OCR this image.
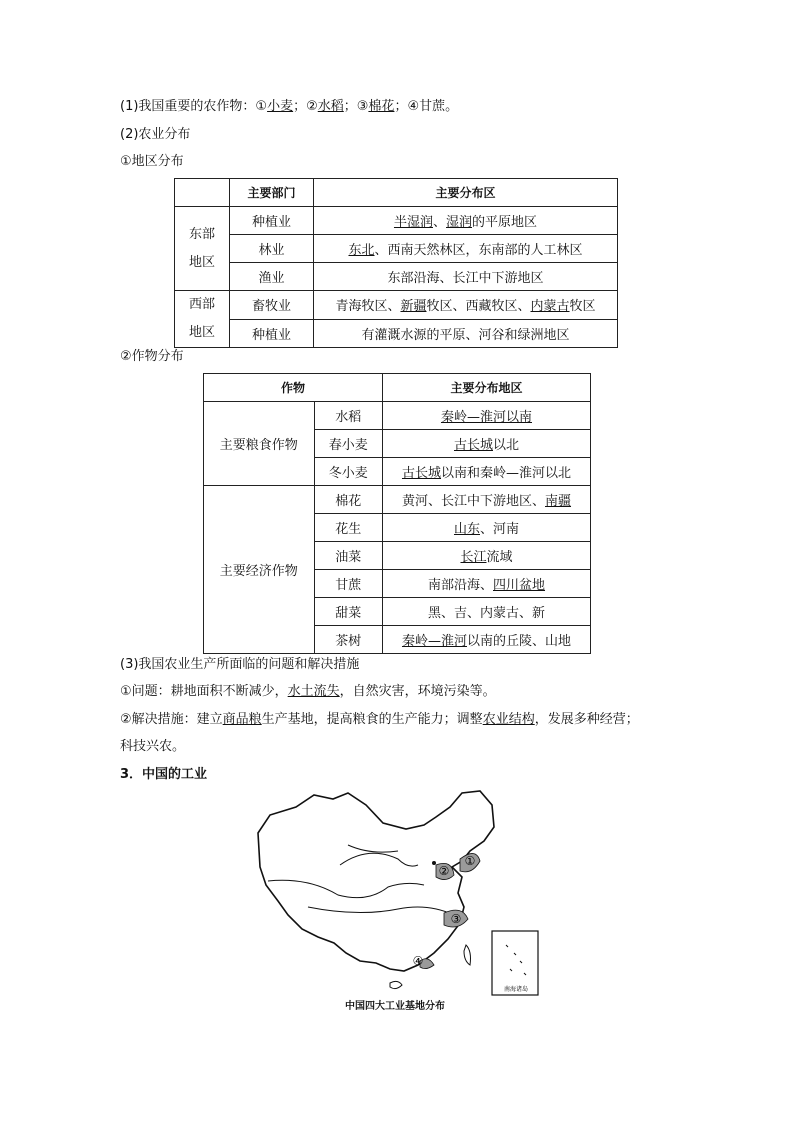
(1)我国重要的农作物：①小麦；②水稻；③棉花；④甘蔗。
(2)农业分布
①地区分布
	主要部门	主要分布区
东部
地区	种植业	半湿润、湿润的平原地区
	林业	东北、西南天然林区，东南部的人工林区
	渔业	东部沿海、长江中下游地区
西部
地区	畜牧业	青海牧区、新疆牧区、西藏牧区、内蒙古牧区
	种植业	有灌溉水源的平原、河谷和绿洲地区
②作物分布
作物		主要分布地区
主要粮食作物	水稻	秦岭—淮河以南
	春小麦	古长城以北
	冬小麦	古长城以南和秦岭—淮河以北
主要经济作物	棉花	黄河、长江中下游地区、南疆
	花生	山东、河南
	油菜	长江流域
	甘蔗	南部沿海、四川盆地
	甜菜	黑、吉、内蒙古、新
	茶树	秦岭—淮河以南的丘陵、山地
(3)我国农业生产所面临的问题和解决措施
①问题：耕地面积不断减少，水土流失，自然灾害，环境污染等。
②解决措施：建立商品粮生产基地，提高粮食的生产能力；调整农业结构，发展多种经营；
科技兴农。
3．中国的工业
①
②
③
④
南海诸岛
中国四大工业基地分布
